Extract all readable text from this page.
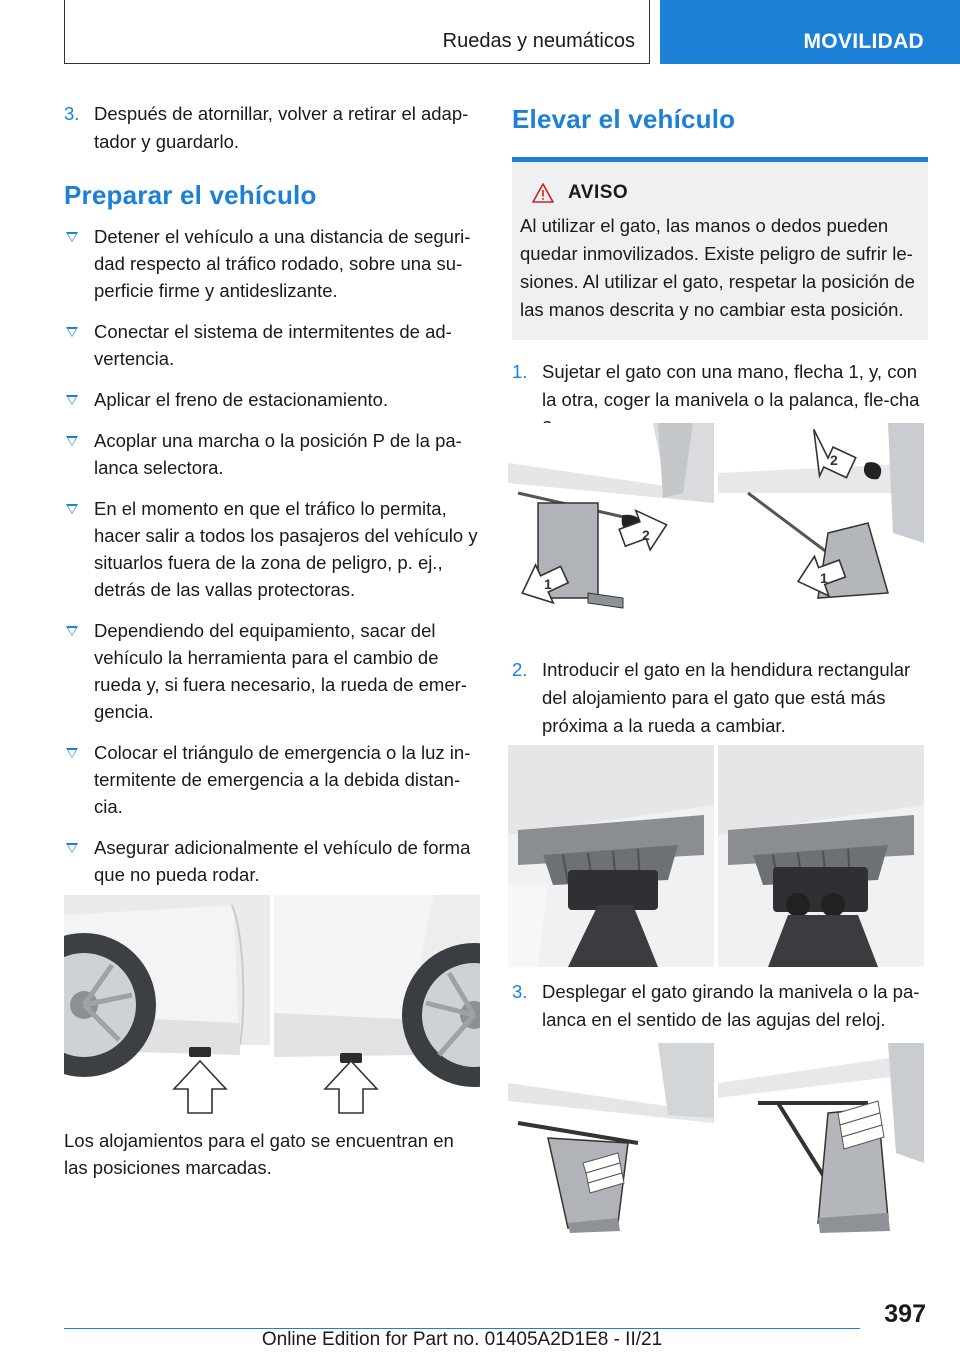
Ruedas y neumáticos	MOVILIDAD
3. Después de atornillar, volver a retirar el adap-tador y guardarlo.
Preparar el vehículo
Detener el vehículo a una distancia de seguri-dad respecto al tráfico rodado, sobre una su-perficie firme y antideslizante.
Conectar el sistema de intermitentes de ad-vertencia.
Aplicar el freno de estacionamiento.
Acoplar una marcha o la posición P de la pa-lanca selectora.
En el momento en que el tráfico lo permita, hacer salir a todos los pasajeros del vehículo y situarlos fuera de la zona de peligro, p. ej., detrás de las vallas protectoras.
Dependiendo del equipamiento, sacar del vehículo la herramienta para el cambio de rueda y, si fuera necesario, la rueda de emer-gencia.
Colocar el triángulo de emergencia o la luz in-termitente de emergencia a la debida distan-cia.
Asegurar adicionalmente el vehículo de forma que no pueda rodar.
Los alojamientos para el gato se encuentran en las posiciones marcadas.
Elevar el vehículo
AVISO
Al utilizar el gato, las manos o dedos pueden quedar inmovilizados. Existe peligro de sufrir le-siones. Al utilizar el gato, respetar la posición de las manos descrita y no cambiar esta posición.
1. Sujetar el gato con una mano, flecha 1, y, con la otra, coger la manivela o la palanca, fle-cha
1
2
1
2
2. Introducir el gato en la hendidura rectangular del alojamiento para el gato que está más próxima a la rueda a cambiar.
3. Desplegar el gato girando la manivela o la pa-lanca en el sentido de las agujas del reloj.
397
Online Edition for Part no. 01405A2D1E8 - II/21
